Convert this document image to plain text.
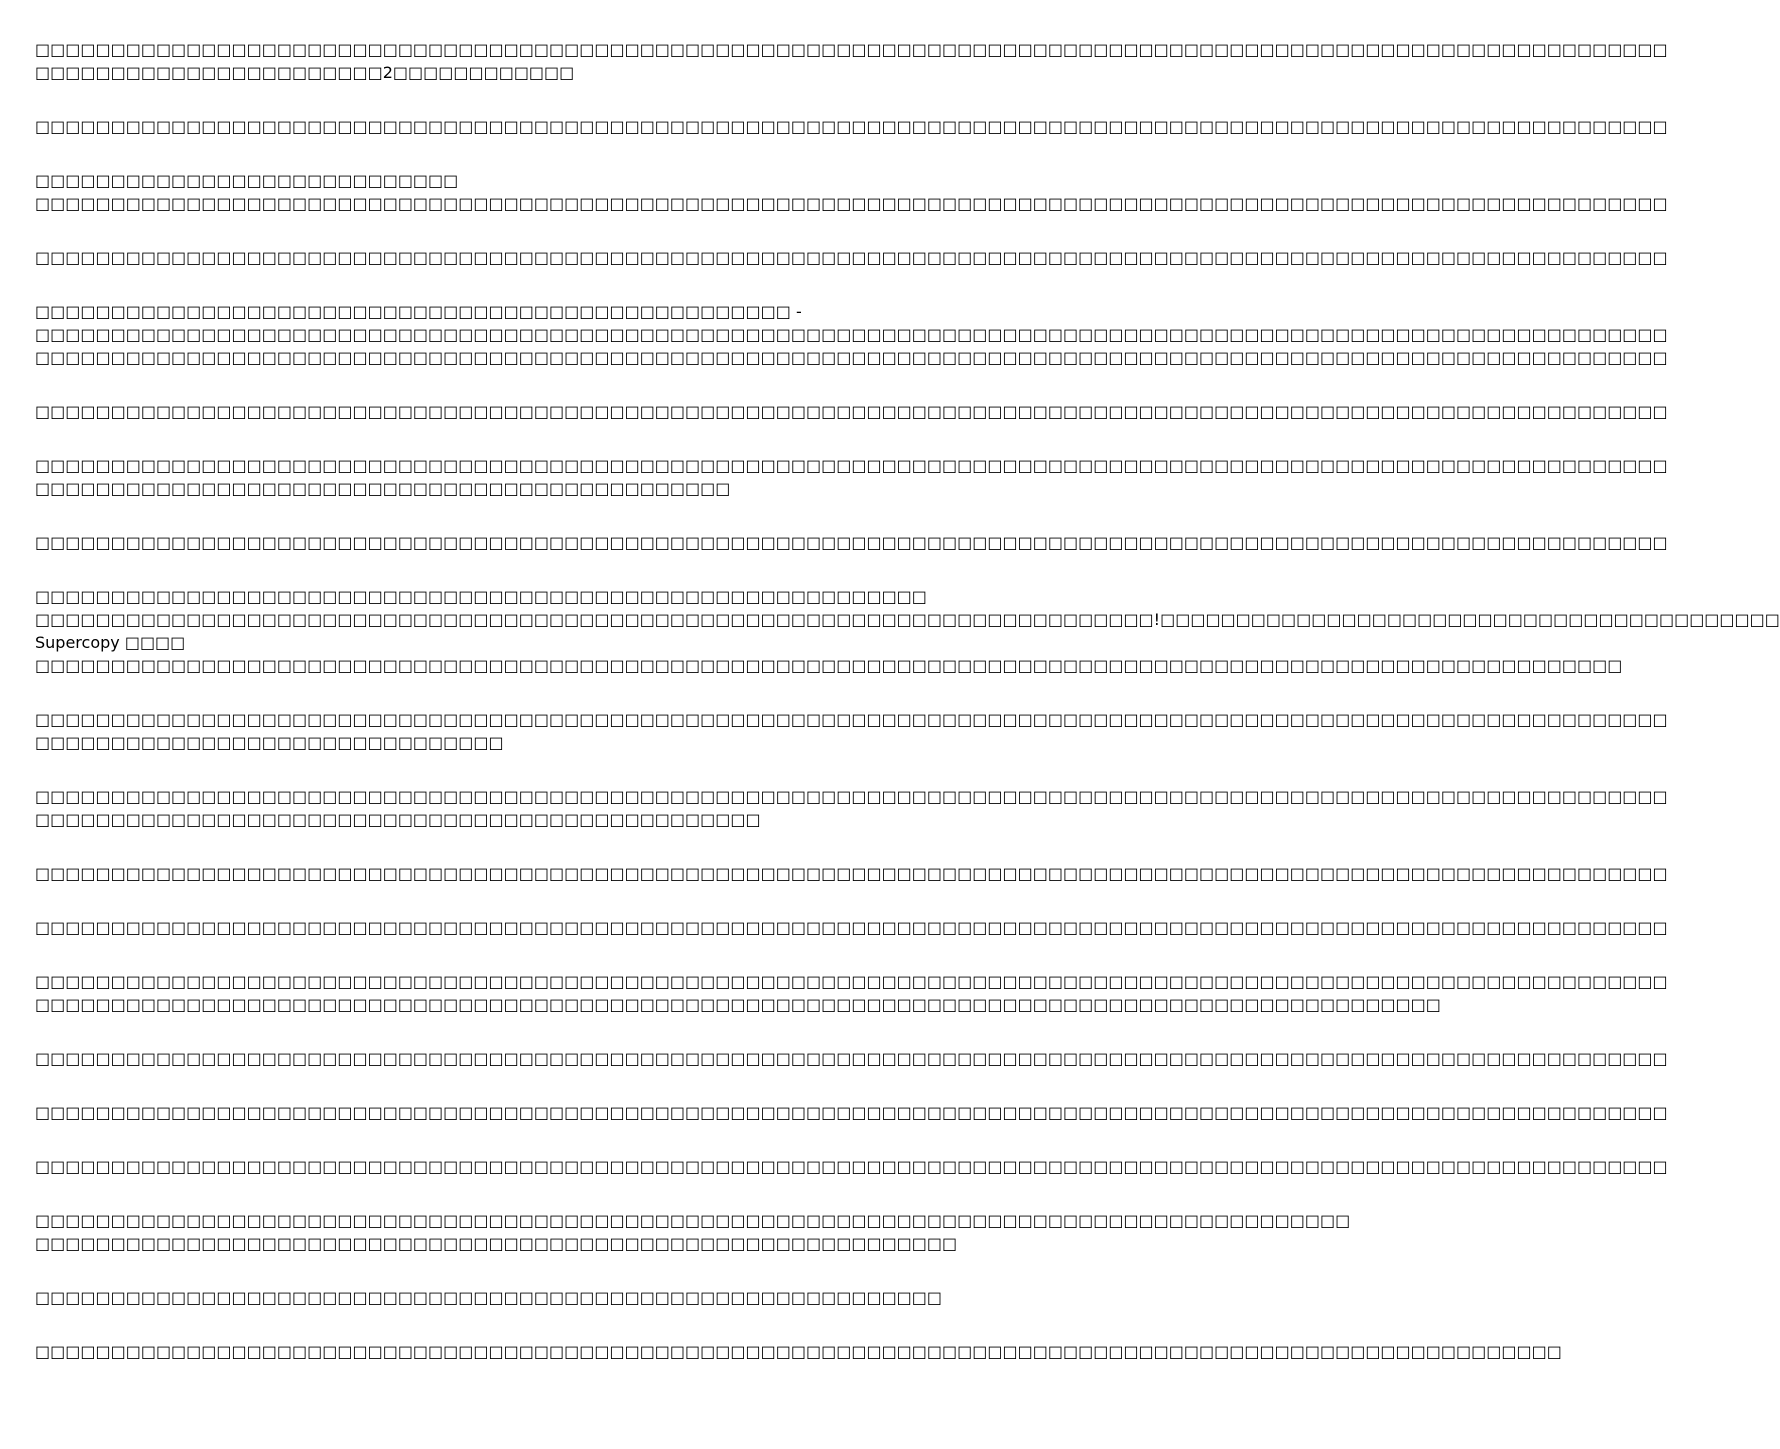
□□□□□□□□□□□□□□□□□□□□□□□□□□□□□□□□□□□□□□□□□□□□□□□□□□□□□□□□□□□□□□□□□□□□□□□□□□□□□□□□□□□□□□□□□□□□□□□□□□□□□□□□□□□□
□□□□□□□□□□□□□□□□□□□□□□□2□□□□□□□□□□□□

□□□□□□□□□□□□□□□□□□□□□□□□□□□□□□□□□□□□□□□□□□□□□□□□□□□□□□□□□□□□□□□□□□□□□□□□□□□□□□□□□□□□□□□□□□□□□□□□□□□□□□□□□□□□

□□□□□□□□□□□□□□□□□□□□□□□□□□□□
□□□□□□□□□□□□□□□□□□□□□□□□□□□□□□□□□□□□□□□□□□□□□□□□□□□□□□□□□□□□□□□□□□□□□□□□□□□□□□□□□□□□□□□□□□□□□□□□□□□□□□□□□□□□

□□□□□□□□□□□□□□□□□□□□□□□□□□□□□□□□□□□□□□□□□□□□□□□□□□□□□□□□□□□□□□□□□□□□□□□□□□□□□□□□□□□□□□□□□□□□□□□□□□□□□□□□□□□□

□□□□□□□□□□□□□□□□□□□□□□□□□□□□□□□□□□□□□□□□□□□□□□□□□□ -
□□□□□□□□□□□□□□□□□□□□□□□□□□□□□□□□□□□□□□□□□□□□□□□□□□□□□□□□□□□□□□□□□□□□□□□□□□□□□□□□□□□□□□□□□□□□□□□□□□□□□□□□□□□□
□□□□□□□□□□□□□□□□□□□□□□□□□□□□□□□□□□□□□□□□□□□□□□□□□□□□□□□□□□□□□□□□□□□□□□□□□□□□□□□□□□□□□□□□□□□□□□□□□□□□□□□□□□□□

□□□□□□□□□□□□□□□□□□□□□□□□□□□□□□□□□□□□□□□□□□□□□□□□□□□□□□□□□□□□□□□□□□□□□□□□□□□□□□□□□□□□□□□□□□□□□□□□□□□□□□□□□□□□

□□□□□□□□□□□□□□□□□□□□□□□□□□□□□□□□□□□□□□□□□□□□□□□□□□□□□□□□□□□□□□□□□□□□□□□□□□□□□□□□□□□□□□□□□□□□□□□□□□□□□□□□□□□□
□□□□□□□□□□□□□□□□□□□□□□□□□□□□□□□□□□□□□□□□□□□□□□

□□□□□□□□□□□□□□□□□□□□□□□□□□□□□□□□□□□□□□□□□□□□□□□□□□□□□□□□□□□□□□□□□□□□□□□□□□□□□□□□□□□□□□□□□□□□□□□□□□□□□□□□□□□□

□□□□□□□□□□□□□□□□□□□□□□□□□□□□□□□□□□□□□□□□□□□□□□□□□□□□□□□□□□□
□□□□□□□□□□□□□□□□□□□□□□□□□□□□□□□□□□□□□□□□□□□□□□□□□□□□□□□□□□□□□□□□□□□□□□□□□□!□□□□□□□□□□□□□□□□□□□□□□□□□□□□□□□□□□□□□□□□□
Supercopy □□□□
□□□□□□□□□□□□□□□□□□□□□□□□□□□□□□□□□□□□□□□□□□□□□□□□□□□□□□□□□□□□□□□□□□□□□□□□□□□□□□□□□□□□□□□□□□□□□□□□□□□□□□□□□

□□□□□□□□□□□□□□□□□□□□□□□□□□□□□□□□□□□□□□□□□□□□□□□□□□□□□□□□□□□□□□□□□□□□□□□□□□□□□□□□□□□□□□□□□□□□□□□□□□□□□□□□□□□□
□□□□□□□□□□□□□□□□□□□□□□□□□□□□□□□

□□□□□□□□□□□□□□□□□□□□□□□□□□□□□□□□□□□□□□□□□□□□□□□□□□□□□□□□□□□□□□□□□□□□□□□□□□□□□□□□□□□□□□□□□□□□□□□□□□□□□□□□□□□□
□□□□□□□□□□□□□□□□□□□□□□□□□□□□□□□□□□□□□□□□□□□□□□□□

□□□□□□□□□□□□□□□□□□□□□□□□□□□□□□□□□□□□□□□□□□□□□□□□□□□□□□□□□□□□□□□□□□□□□□□□□□□□□□□□□□□□□□□□□□□□□□□□□□□□□□□□□□□□

□□□□□□□□□□□□□□□□□□□□□□□□□□□□□□□□□□□□□□□□□□□□□□□□□□□□□□□□□□□□□□□□□□□□□□□□□□□□□□□□□□□□□□□□□□□□□□□□□□□□□□□□□□□□

□□□□□□□□□□□□□□□□□□□□□□□□□□□□□□□□□□□□□□□□□□□□□□□□□□□□□□□□□□□□□□□□□□□□□□□□□□□□□□□□□□□□□□□□□□□□□□□□□□□□□□□□□□□□
□□□□□□□□□□□□□□□□□□□□□□□□□□□□□□□□□□□□□□□□□□□□□□□□□□□□□□□□□□□□□□□□□□□□□□□□□□□□□□□□□□□□□□□□□□□□□

□□□□□□□□□□□□□□□□□□□□□□□□□□□□□□□□□□□□□□□□□□□□□□□□□□□□□□□□□□□□□□□□□□□□□□□□□□□□□□□□□□□□□□□□□□□□□□□□□□□□□□□□□□□□

□□□□□□□□□□□□□□□□□□□□□□□□□□□□□□□□□□□□□□□□□□□□□□□□□□□□□□□□□□□□□□□□□□□□□□□□□□□□□□□□□□□□□□□□□□□□□□□□□□□□□□□□□□□□

□□□□□□□□□□□□□□□□□□□□□□□□□□□□□□□□□□□□□□□□□□□□□□□□□□□□□□□□□□□□□□□□□□□□□□□□□□□□□□□□□□□□□□□□□□□□□□□□□□□□□□□□□□□□

□□□□□□□□□□□□□□□□□□□□□□□□□□□□□□□□□□□□□□□□□□□□□□□□□□□□□□□□□□□□□□□□□□□□□□□□□□□□□□□□□□□□□□□
□□□□□□□□□□□□□□□□□□□□□□□□□□□□□□□□□□□□□□□□□□□□□□□□□□□□□□□□□□□□□

□□□□□□□□□□□□□□□□□□□□□□□□□□□□□□□□□□□□□□□□□□□□□□□□□□□□□□□□□□□□

□□□□□□□□□□□□□□□□□□□□□□□□□□□□□□□□□□□□□□□□□□□□□□□□□□□□□□□□□□□□□□□□□□□□□□□□□□□□□□□□□□□□□□□□□□□□□□□□□□□□□
